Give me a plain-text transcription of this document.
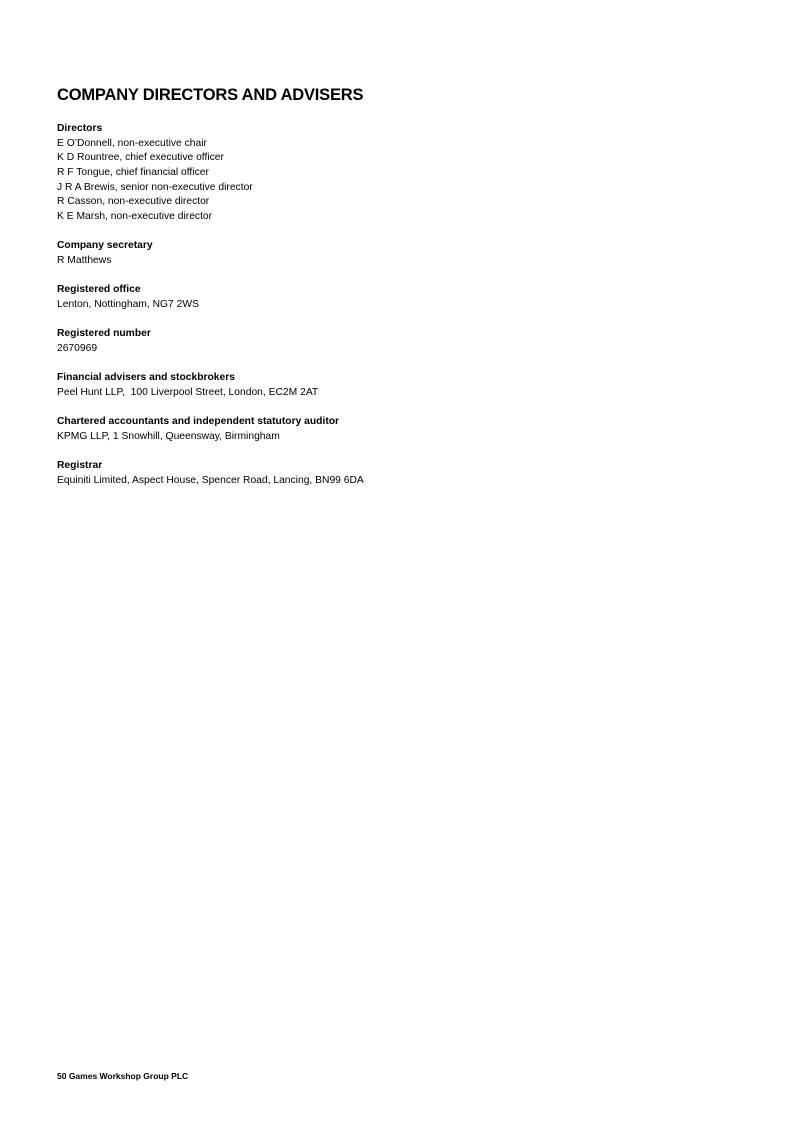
COMPANY DIRECTORS AND ADVISERS
Directors
E O’Donnell, non-executive chair
K D Rountree, chief executive officer
R F Tongue, chief financial officer
J R A Brewis, senior non-executive director
R Casson, non-executive director
K E Marsh, non-executive director
Company secretary
R Matthews
Registered office
Lenton, Nottingham, NG7 2WS
Registered number
2670969
Financial advisers and stockbrokers
Peel Hunt LLP,  100 Liverpool Street, London, EC2M 2AT
Chartered accountants and independent statutory auditor
KPMG LLP, 1 Snowhill, Queensway, Birmingham
Registrar
Equiniti Limited, Aspect House, Spencer Road, Lancing, BN99 6DA
50 Games Workshop Group PLC
